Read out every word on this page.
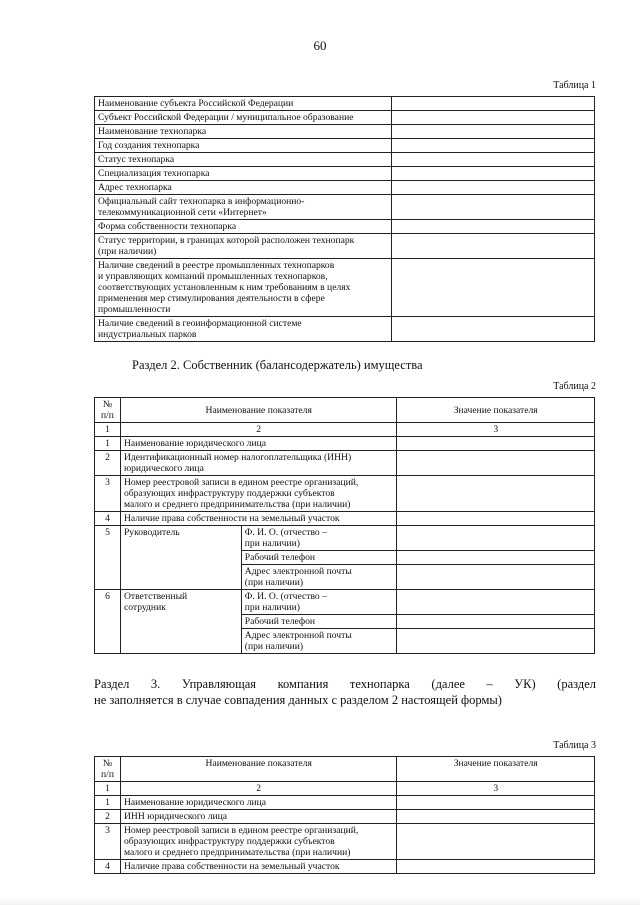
60
Таблица 1
Наименование субъекта Российской Федерации	
Субъект Российской Федерации / муниципальное образование	
Наименование технопарка	
Год создания технопарка	
Статус технопарка	
Специализация технопарка	
Адрес технопарка	
Официальный сайт технопарка в информационно-
телекоммуникационной сети «Интернет»	
Форма собственности технопарка	
Статус территории, в границах которой расположен технопарк
(при наличии)	
Наличие сведений в реестре промышленных технопарков
и управляющих компаний промышленных технопарков,
соответствующих установленным к ним требованиям в целях
применения мер стимулирования деятельности в сфере
промышленности	
Наличие сведений в геоинформационной системе
индустриальных парков	
Раздел 2. Собственник (балансодержатель) имущества
Таблица 2
№
п/п	Наименование показателя		Значение показателя
1	2		3
1	Наименование юридического лица		
2	Идентификационный номер налогоплательщика (ИНН)
юридического лица		
3	Номер реестровой записи в едином реестре организаций,
образующих инфраструктуру поддержки субъектов
малого и среднего предпринимательства (при наличии)		
4	Наличие права собственности на земельный участок		
5	Руководитель	Ф. И. О. (отчество –
при наличии)	
		Рабочий телефон	
		Адрес электронной почты
(при наличии)	
6	Ответственный
сотрудник	Ф. И. О. (отчество –
при наличии)	
		Рабочий телефон	
		Адрес электронной почты
(при наличии)	
Раздел 3. Управляющая компания технопарка (далее – УК) (раздел
не заполняется в случае совпадения данных с разделом 2 настоящей формы)
Таблица 3
№
п/п	Наименование показателя	Значение показателя
1	2	3
1	Наименование юридического лица	
2	ИНН юридического лица	
3	Номер реестровой записи в едином реестре организаций,
образующих инфраструктуру поддержки субъектов
малого и среднего предпринимательства (при наличии)	
4	Наличие права собственности на земельный участок	
